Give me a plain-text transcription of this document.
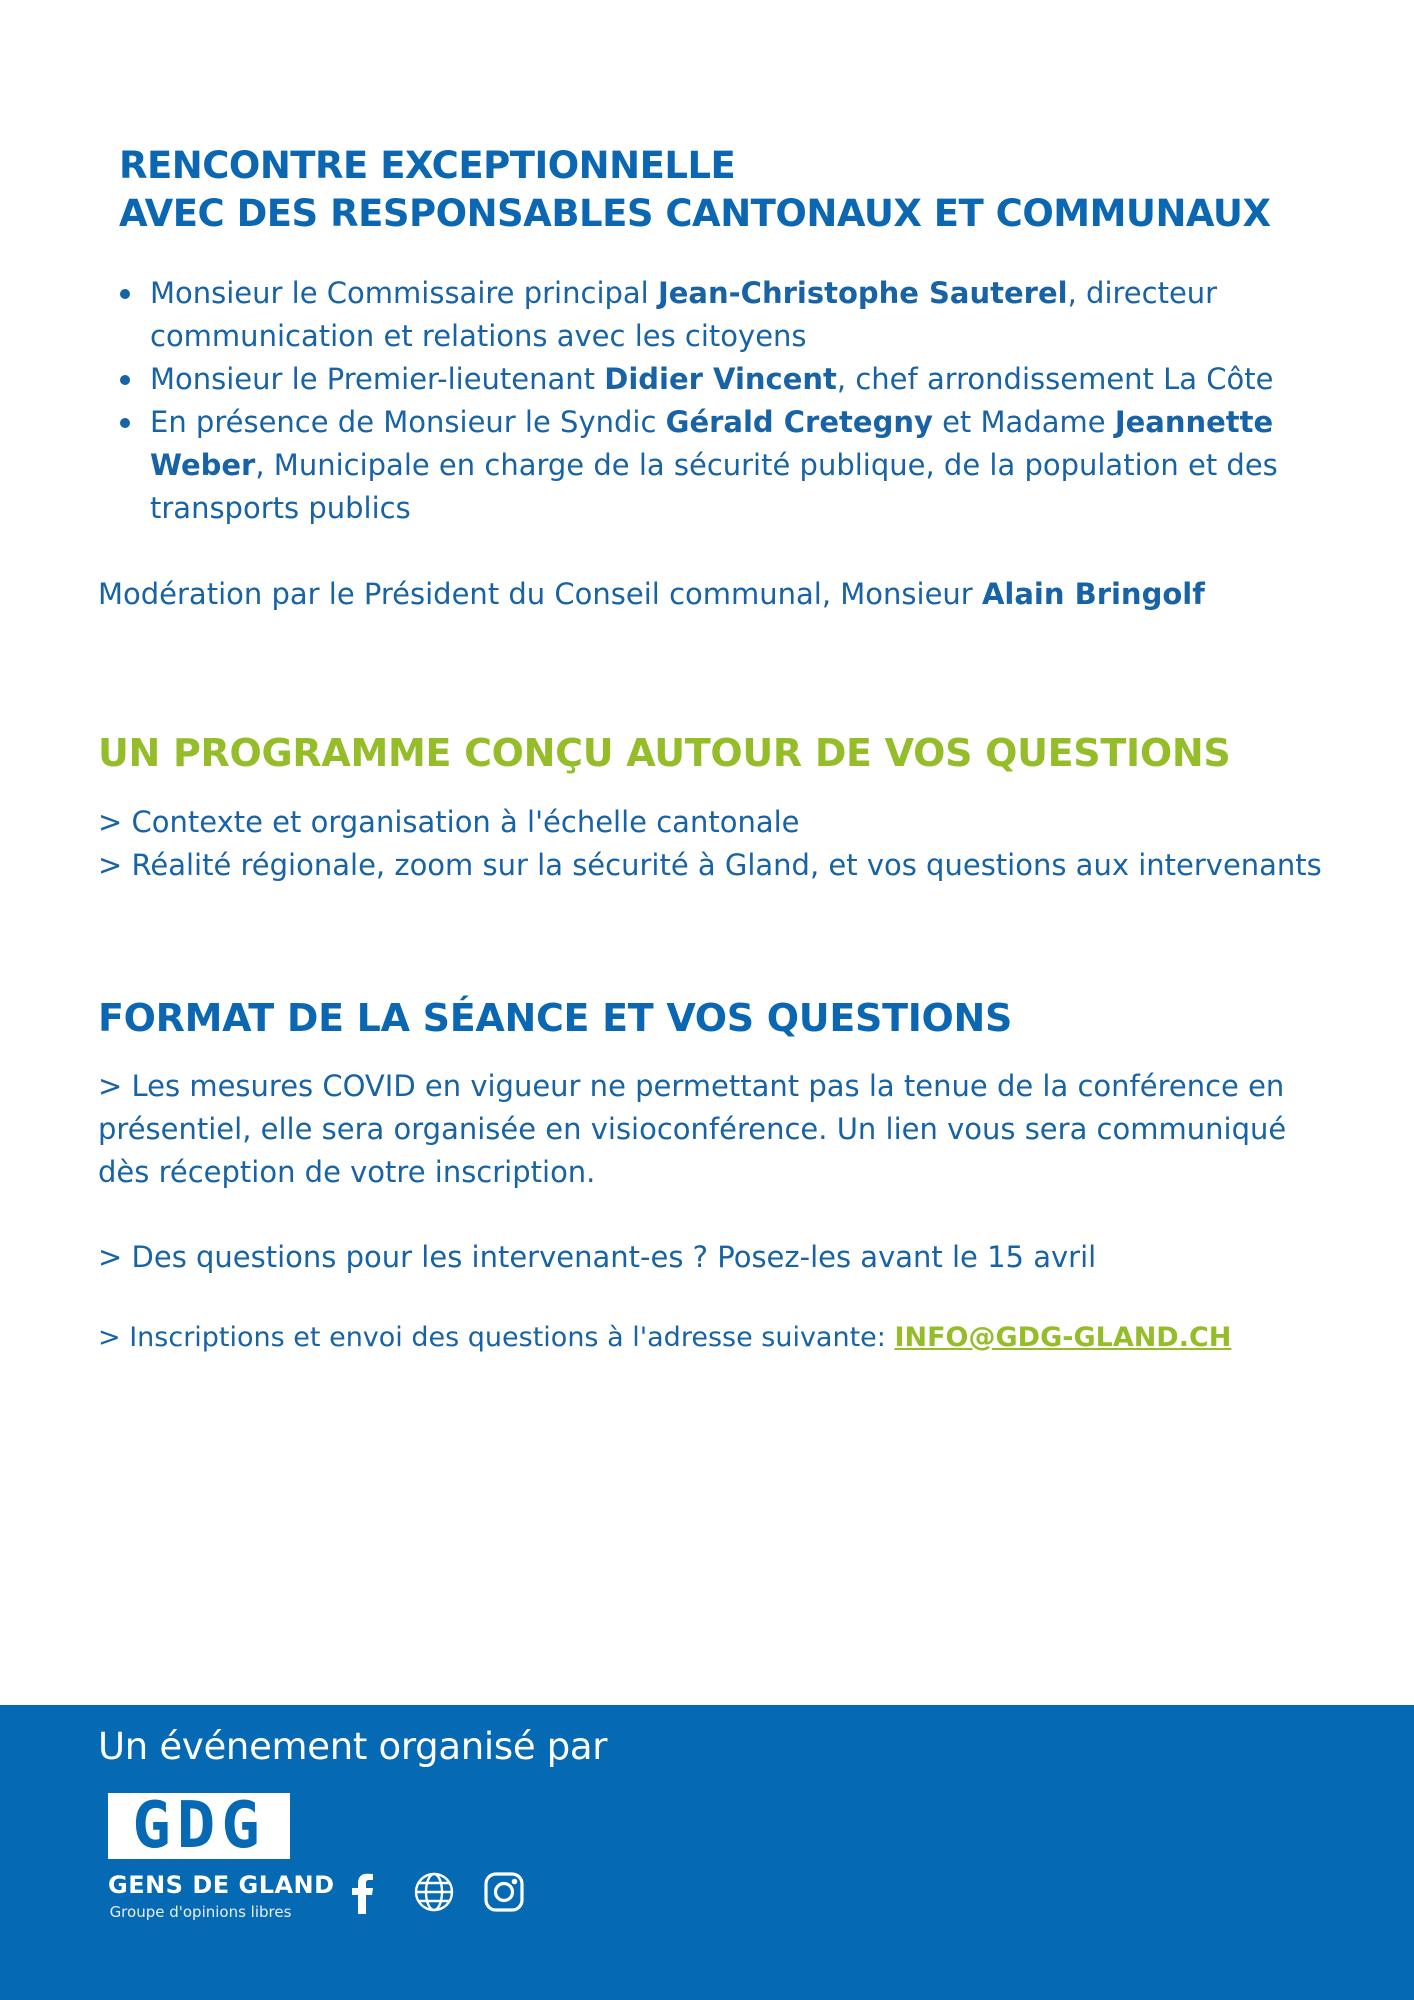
RENCONTRE EXCEPTIONNELLE
AVEC DES RESPONSABLES CANTONAUX ET COMMUNAUX
Monsieur le Commissaire principal Jean-Christophe Sauterel, directeur communication et relations avec les citoyens
Monsieur le Premier-lieutenant Didier Vincent, chef arrondissement La Côte
En présence de Monsieur le Syndic Gérald Cretegny et Madame Jeannette Weber, Municipale en charge de la sécurité publique, de la population et des transports publics

Modération par le Président du Conseil communal, Monsieur Alain Bringolf

UN PROGRAMME CONÇU AUTOUR DE VOS QUESTIONS

> Contexte et organisation à l'échelle cantonale

> Réalité régionale, zoom sur la sécurité à Gland, et vos questions aux intervenants

FORMAT DE LA SÉANCE ET VOS QUESTIONS

> Les mesures COVID en vigueur ne permettant pas la tenue de la conférence en présentiel, elle sera organisée en visioconférence. Un lien vous sera communiqué dès réception de votre inscription.

> Des questions pour les intervenant-es ? Posez-les avant le 15 avril

> Inscriptions et envoi des questions à l'adresse suivante: INFO@GDG-GLAND.CH

Un événement organisé par

GDG
GENS DE GLAND
Groupe d'opinions libres
